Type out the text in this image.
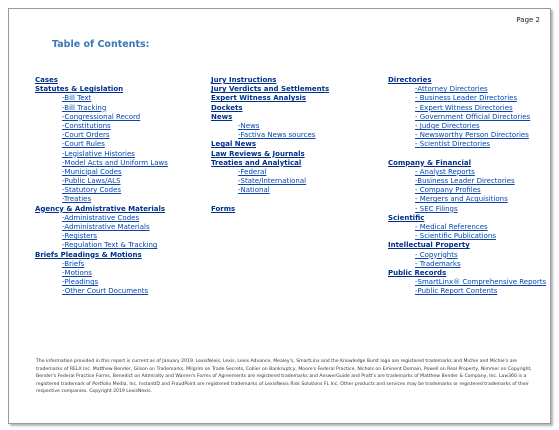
Page 2
Table of Contents:
Cases
Statutes & Legislation
-Bill Text
-Bill Tracking
-Congressional Record
-Constitutions
-Court Orders
-Court Rules
-Legislative Histories
-Model Acts and Uniform Laws
-Municipal Codes
-Public Laws/ALS
-Statutory Codes
-Treaties
Agency & Admistrative Materials
-Administrative Codes
-Administrative Materials
-Registers
-Regulation Text & Tracking
Briefs Pleadings & Motions
-Briefs
-Motions
-Pleadings
-Other Court Documents
Jury Instructions
Jury Verdicts and Settlements
Expert Witness Analysis
Dockets
News
-News
-Factiva News sources
Legal News
Law Reviews & Journals
Treaties and Analytical
-Federal
-State/International
-National
Forms
Directories
-Attorney Directories
- Business Leader Directories
- Expert Witness Directories
- Government Official Directories
- Judge Directories
- Newsworthy Person Directories
- Scientist Directories
Company & Financial
- Analyst Reports
-Business Leader Directories
- Company Profiles
- Mergers and Acquisitions
- SEC Filings
Scientific
- Medical References
- Scientific Publications
Intellectual Property
- Copyrights
- Trademarks
Public Records
-SmartLinx® Comprehensive Reports
-Public Report Contents
The information provided in this report is current as of January 2019. LexisNexis, Lexis, Lexis Advance, Mealey's, SmartLinx and the Knowledge Burst logo are registered trademarks and Michie and Michie's are trademarks of RELX Inc. Matthew Bender, Gilson on Trademarks, Milgrim on Trade Secrets, Collier on Bankruptcy, Moore's Federal Practice, Nichols on Eminent Domain, Powell on Real Property, Nimmer on Copyright, Bender's Federal Practice Forms, Benedict on Admiralty and Warren's Forms of Agreements are registered trademarks and AnswerGuide and Pratt's are trademarks of Matthew Bender & Company, Inc. Law360 is a registered trademark of Portfolio Media, Inc. InstantID and FraudPoint are registered trademarks of LexisNexis Risk Solutions FL Inc. Other products and services may be trademarks or registered trademarks of their respective companies. Copyright 2019 LexisNexis.
